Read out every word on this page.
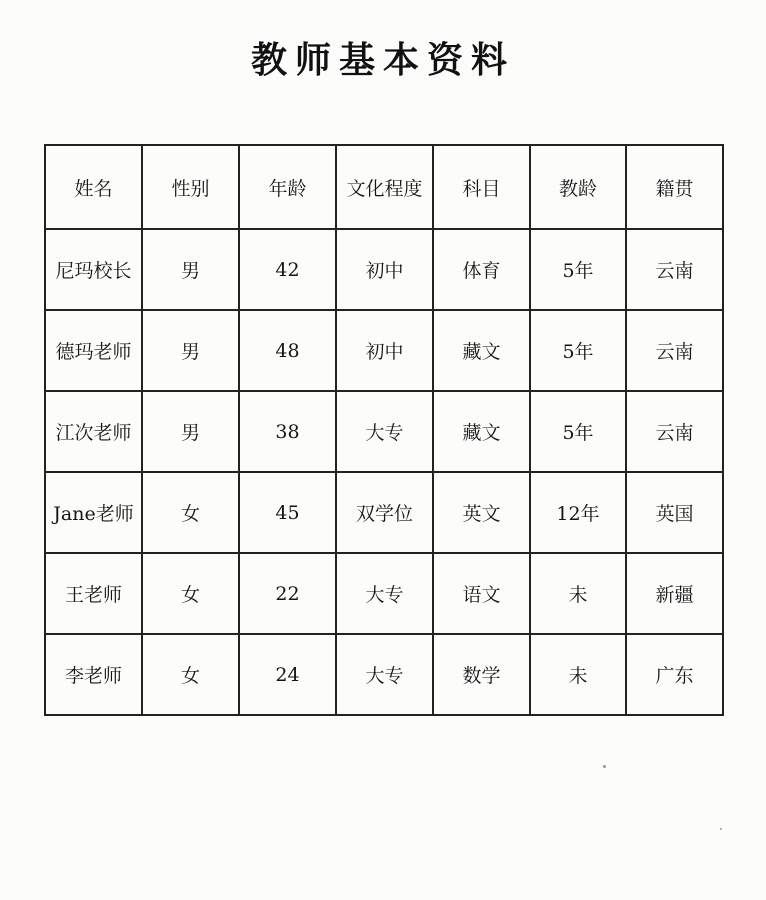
教师基本资料
姓名	性别	年龄	文化程度	科目	教龄	籍贯
尼玛校长	男	42	初中	体育	5年	云南
德玛老师	男	48	初中	藏文	5年	云南
江次老师	男	38	大专	藏文	5年	云南
Jane老师	女	45	双学位	英文	12年	英国
王老师	女	22	大专	语文	未	新疆
李老师	女	24	大专	数学	未	广东
